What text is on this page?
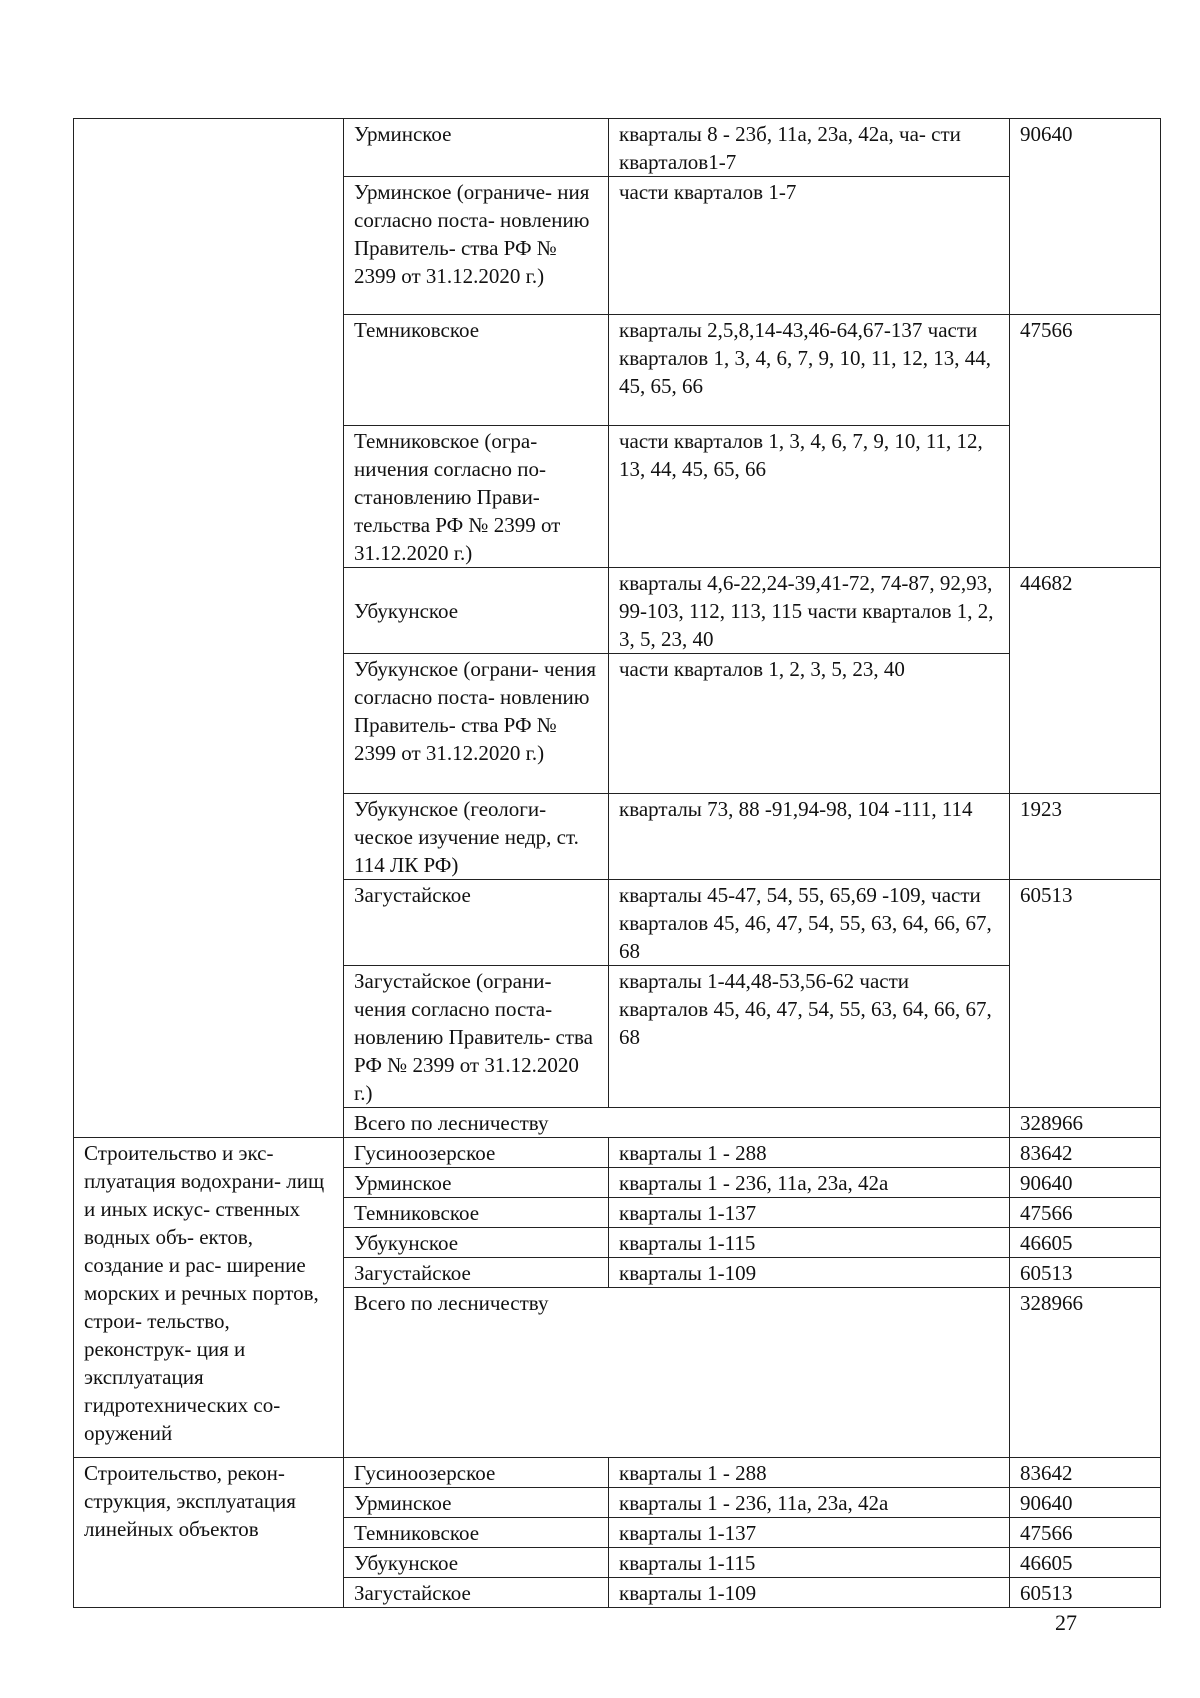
	Урминское	кварталы 8 - 23б, 11а, 23а, 42а, ча- сти кварталов1-7	90640
	Урминское (ограниче- ния согласно поста- новлению Правитель- ства РФ № 2399 от 31.12.2020 г.)	части кварталов 1-7	
	Темниковское	кварталы 2,5,8,14-43,46-64,67-137 части кварталов 1, 3, 4, 6, 7, 9, 10, 11, 12, 13, 44, 45, 65, 66	47566
	Темниковское (огра- ничения согласно по- становлению Прави- тельства РФ № 2399 от 31.12.2020 г.)	части кварталов 1, 3, 4, 6, 7, 9, 10, 11, 12, 13, 44, 45, 65, 66	
	Убукунское	кварталы 4,6-22,24-39,41-72, 74-87, 92,93, 99-103, 112, 113, 115 части кварталов 1, 2, 3, 5, 23, 40	44682
	Убукунское (ограни- чения согласно поста- новлению Правитель- ства РФ № 2399 от 31.12.2020 г.)	части кварталов 1, 2, 3, 5, 23, 40	
	Убукунское (геологи- ческое изучение недр, ст. 114 ЛК РФ)	кварталы 73, 88 -91,94-98, 104 -111, 114	1923
	Загустайское	кварталы 45-47, 54, 55, 65,69 -109, части кварталов 45, 46, 47, 54, 55, 63, 64, 66, 67, 68	60513
	Загустайское (ограни- чения согласно поста- новлению Правитель- ства РФ № 2399 от 31.12.2020 г.)	кварталы 1-44,48-53,56-62 части кварталов 45, 46, 47, 54, 55, 63, 64, 66, 67, 68	
	Всего по лесничеству		328966
Строительство и экс- плуатация водохрани- лищ и иных искус- ственных водных объ- ектов, создание и рас- ширение морских и речных портов, строи- тельство, реконструк- ция и эксплуатация гидротехнических со- оружений	Гусиноозерское	кварталы 1 - 288	83642
	Урминское	кварталы 1 - 236, 11а, 23а, 42а	90640
	Темниковское	кварталы 1-137	47566
	Убукунское	кварталы 1-115	46605
	Загустайское	кварталы 1-109	60513
	Всего по лесничеству		328966
Строительство, рекон- струкция, эксплуатация линейных объектов	Гусиноозерское	кварталы 1 - 288	83642
	Урминское	кварталы 1 - 236, 11а, 23а, 42а	90640
	Темниковское	кварталы 1-137	47566
	Убукунское	кварталы 1-115	46605
	Загустайское	кварталы 1-109	60513
27
